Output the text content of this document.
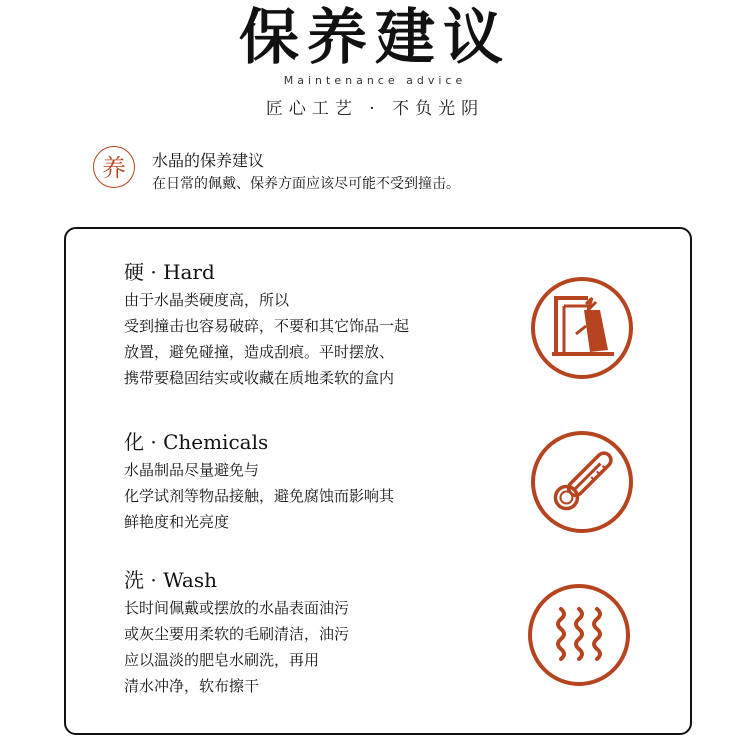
保养建议
Maintenance advice
匠心工艺 · 不负光阴
养	水晶的保养建议
在日常的佩戴、保养方面应该尽可能不受到撞击。
硬 · Hard
由于水晶类硬度高，所以
受到撞击也容易破碎，不要和其它饰品一起
放置，避免碰撞，造成刮痕。平时摆放、
携带要稳固结实或收藏在质地柔软的盒内
化 · Chemicals
水晶制品尽量避免与
化学试剂等物品接触，避免腐蚀而影响其
鲜艳度和光亮度
洗 · Wash
长时间佩戴或摆放的水晶表面油污
或灰尘要用柔软的毛刷清洁，油污
应以温淡的肥皂水刷洗，再用
清水冲净，软布擦干
